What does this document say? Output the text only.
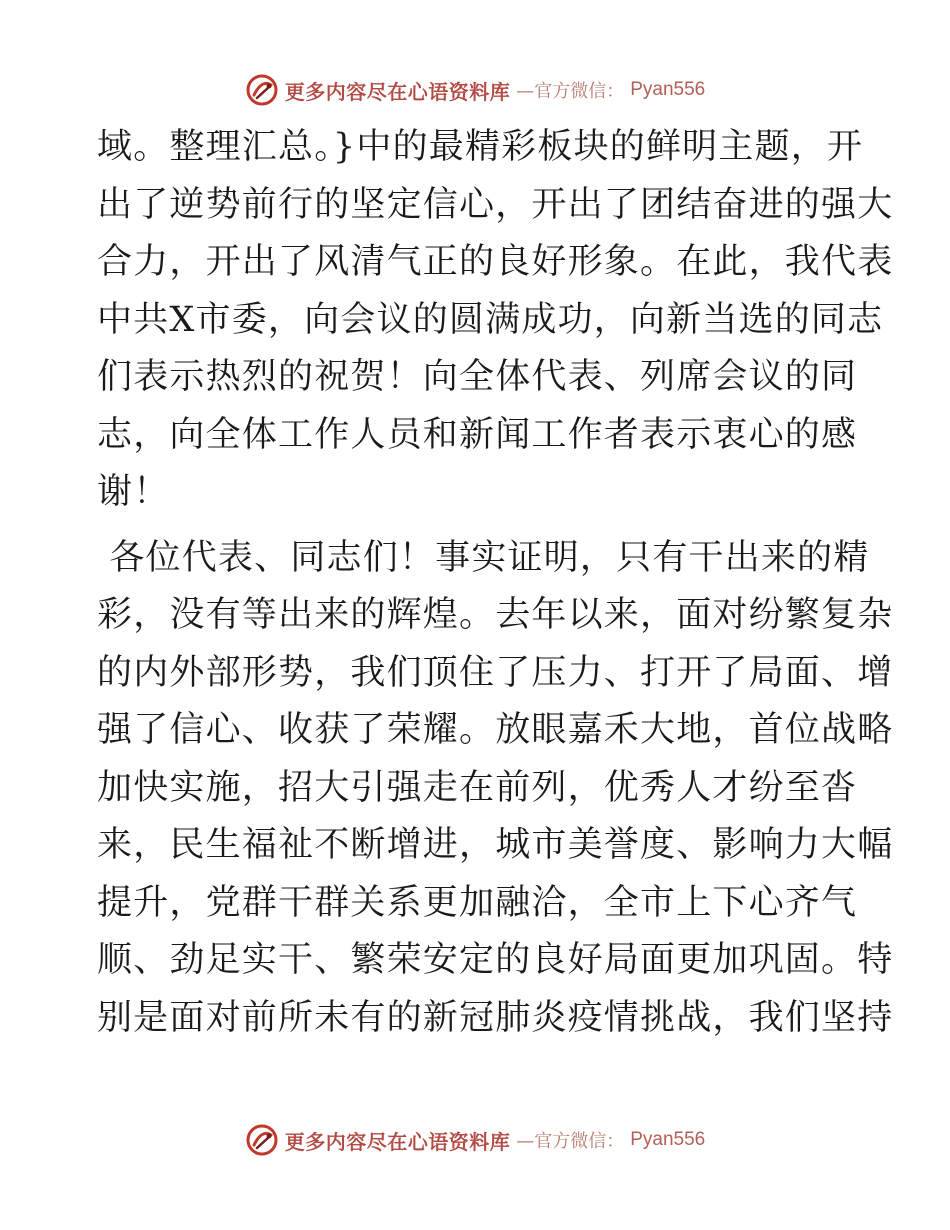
更多内容尽在心语资料库 —官方微信： Pyan556
域。整理汇总。}中的最精彩板块的鲜明主题，开
出了逆势前行的坚定信心，开出了团结奋进的强大
合力，开出了风清气正的良好形象。在此，我代表
中共X市委，向会议的圆满成功，向新当选的同志
们表示热烈的祝贺！向全体代表、列席会议的同
志，向全体工作人员和新闻工作者表示衷心的感
谢！
各位代表、同志们！事实证明，只有干出来的精
彩，没有等出来的辉煌。去年以来，面对纷繁复杂
的内外部形势，我们顶住了压力、打开了局面、增
强了信心、收获了荣耀。放眼嘉禾大地，首位战略
加快实施，招大引强走在前列，优秀人才纷至沓
来，民生福祉不断增进，城市美誉度、影响力大幅
提升，党群干群关系更加融洽，全市上下心齐气
顺、劲足实干、繁荣安定的良好局面更加巩固。特
别是面对前所未有的新冠肺炎疫情挑战，我们坚持
更多内容尽在心语资料库 —官方微信： Pyan556
